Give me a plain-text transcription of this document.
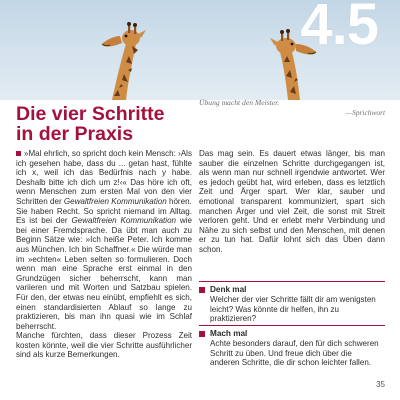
4.5
Die vier Schritte
in der Praxis
Übung macht den Meister.
—Sprichwort

»Mal ehrlich, so spricht doch kein Mensch: ›Als ich gesehen habe, dass du ... getan hast, fühlte ich x, weil ich das Bedürfnis nach y habe. Deshalb bitte ich dich um z!‹« Das höre ich oft, wenn Menschen zum ersten Mal von den vier Schritten der Gewaltfreien Kommunikation hören.

Sie haben Recht. So spricht niemand im Alltag. Es ist bei der Gewaltfreien Kommunikation wie bei einer Fremdsprache. Da übt man auch zu Beginn Sätze wie: »Ich heiße Peter. Ich komme aus München. Ich bin Schaffner.« Die würde man im »echten« Leben selten so formulieren. Doch wenn man eine Sprache erst einmal in den Grundzügen sicher beherrscht, kann man variieren und mit Worten und Satzbau spielen. Für den, der etwas neu einübt, empfiehlt es sich, einen standardisierten Ablauf so lange zu praktizieren, bis man ihn quasi wie im Schlaf beherrscht.

Manche fürchten, dass dieser Prozess Zeit kosten könnte, weil die vier Schritte ausführlicher sind als kurze Bemerkungen.

Das mag sein. Es dauert etwas länger, bis man sauber die einzelnen Schritte durchgegangen ist, als wenn man nur schnell irgendwie antwortet. Wer es jedoch geübt hat, wird erleben, dass es letztlich Zeit und Ärger spart. Wer klar, sauber und emotional transparent kommuniziert, spart sich manchen Ärger und viel Zeit, die sonst mit Streit verloren geht. Und er erlebt mehr Verbindung und Nähe zu sich selbst und den Menschen, mit denen er zu tun hat. Dafür lohnt sich das Üben dann schon.

Denk mal
Welcher der vier Schritte fällt dir am wenigsten leicht? Was könnte dir helfen, ihn zu praktizieren?
Mach mal
Achte besonders darauf, den für dich schweren Schritt zu üben. Und freue dich über die anderen Schritte, die dir schon leichter fallen.
35
